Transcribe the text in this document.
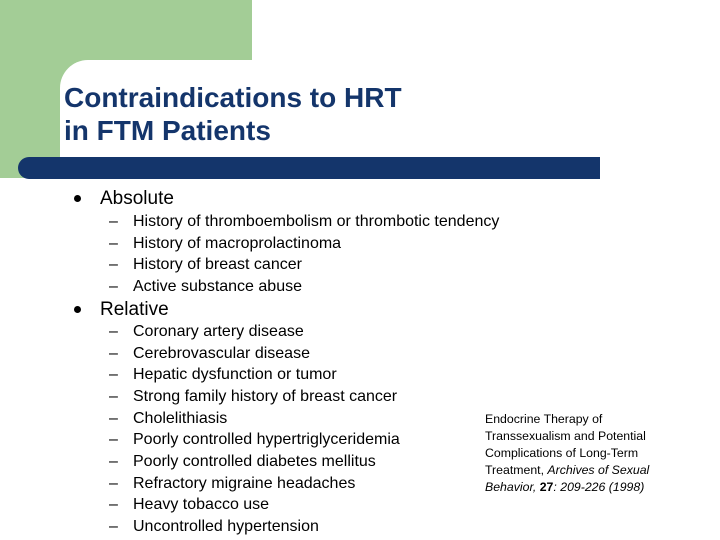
Contraindications to HRT
in FTM Patients
Absolute
– History of thromboembolism or thrombotic tendency
– History of macroprolactinoma
– History of breast cancer
– Active substance abuse
Relative
– Coronary artery disease
– Cerebrovascular disease
– Hepatic dysfunction or tumor
– Strong family history of breast cancer
– Cholelithiasis
– Poorly controlled hypertriglyceridemia
– Poorly controlled diabetes mellitus
– Refractory migraine headaches
– Heavy tobacco use
– Uncontrolled hypertension
Endocrine Therapy of
Transsexualism and Potential
Complications of Long-Term
Treatment, Archives of Sexual
Behavior, 27: 209-226 (1998)
